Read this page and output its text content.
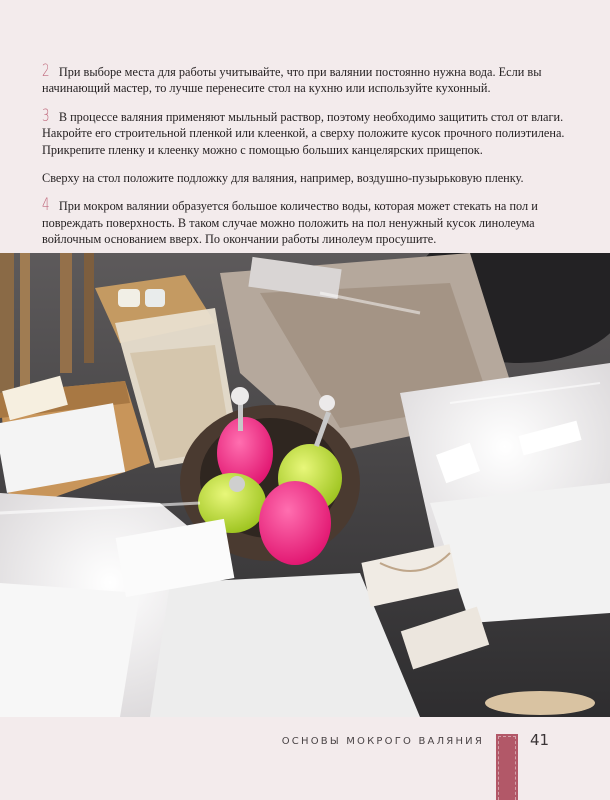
2 При выборе места для работы учитывайте, что при валянии постоянно нужна вода. Если вы начинающий мастер, то лучше перенесите стол на кухню или используйте кухонный.

3 В процессе валяния применяют мыльный раствор, поэтому необходимо защитить стол от влаги. Накройте его строительной пленкой или клеенкой, а сверху положите кусок прочного полиэтилена. Прикрепите пленку и клеенку можно с помощью больших канцелярских прищепок.

Сверху на стол положите подложку для валяния, например, воздушно-пузырьковую пленку.

4 При мокром валянии образуется большое количество воды, которая может стекать на пол и повреждать поверхность. В таком случае можно положить на пол ненужный кусок линолеума войлочным основанием вверх. По окончании работы линолеум просушите.

ОСНОВЫ МОКРОГО ВАЛЯНИЯ	41
